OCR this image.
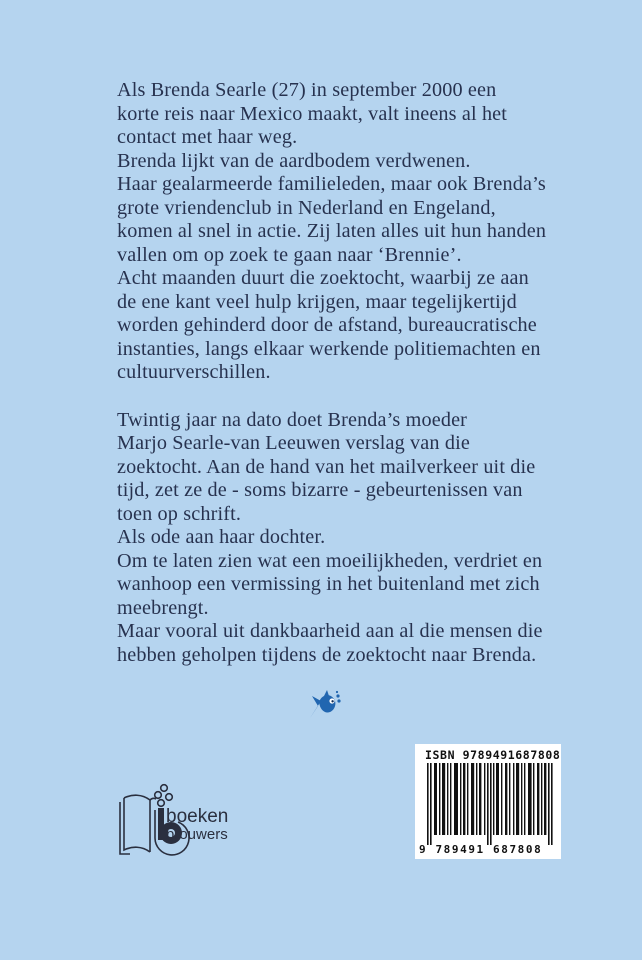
Als Brenda Searle (27) in september 2000 een
korte reis naar Mexico maakt, valt ineens al het
contact met haar weg.
Brenda lijkt van de aardbodem verdwenen.
Haar gealarmeerde familieleden, maar ook Brenda’s
grote vriendenclub in Nederland en Engeland,
komen al snel in actie. Zij laten alles uit hun handen
vallen om op zoek te gaan naar ‘Brennie’.
Acht maanden duurt die zoektocht, waarbij ze aan
de ene kant veel hulp krijgen, maar tegelijkertijd
worden gehinderd door de afstand, bureaucratische
instanties, langs elkaar werkende politiemachten en
cultuurverschillen.
Twintig jaar na dato doet Brenda’s moeder
Marjo Searle-van Leeuwen verslag van die
zoektocht. Aan de hand van het mailverkeer uit die
tijd, zet ze de - soms bizarre - gebeurtenissen van
toen op schrift.
Als ode aan haar dochter.
Om te laten zien wat een moeilijkheden, verdriet en
wanhoop een vermissing in het buitenland met zich
meebrengt.
Maar vooral uit dankbaarheid aan al die mensen die
hebben geholpen tijdens de zoektocht naar Brenda.
ISBN 9789491687808
9 789491 687808
boeken
brouwers
